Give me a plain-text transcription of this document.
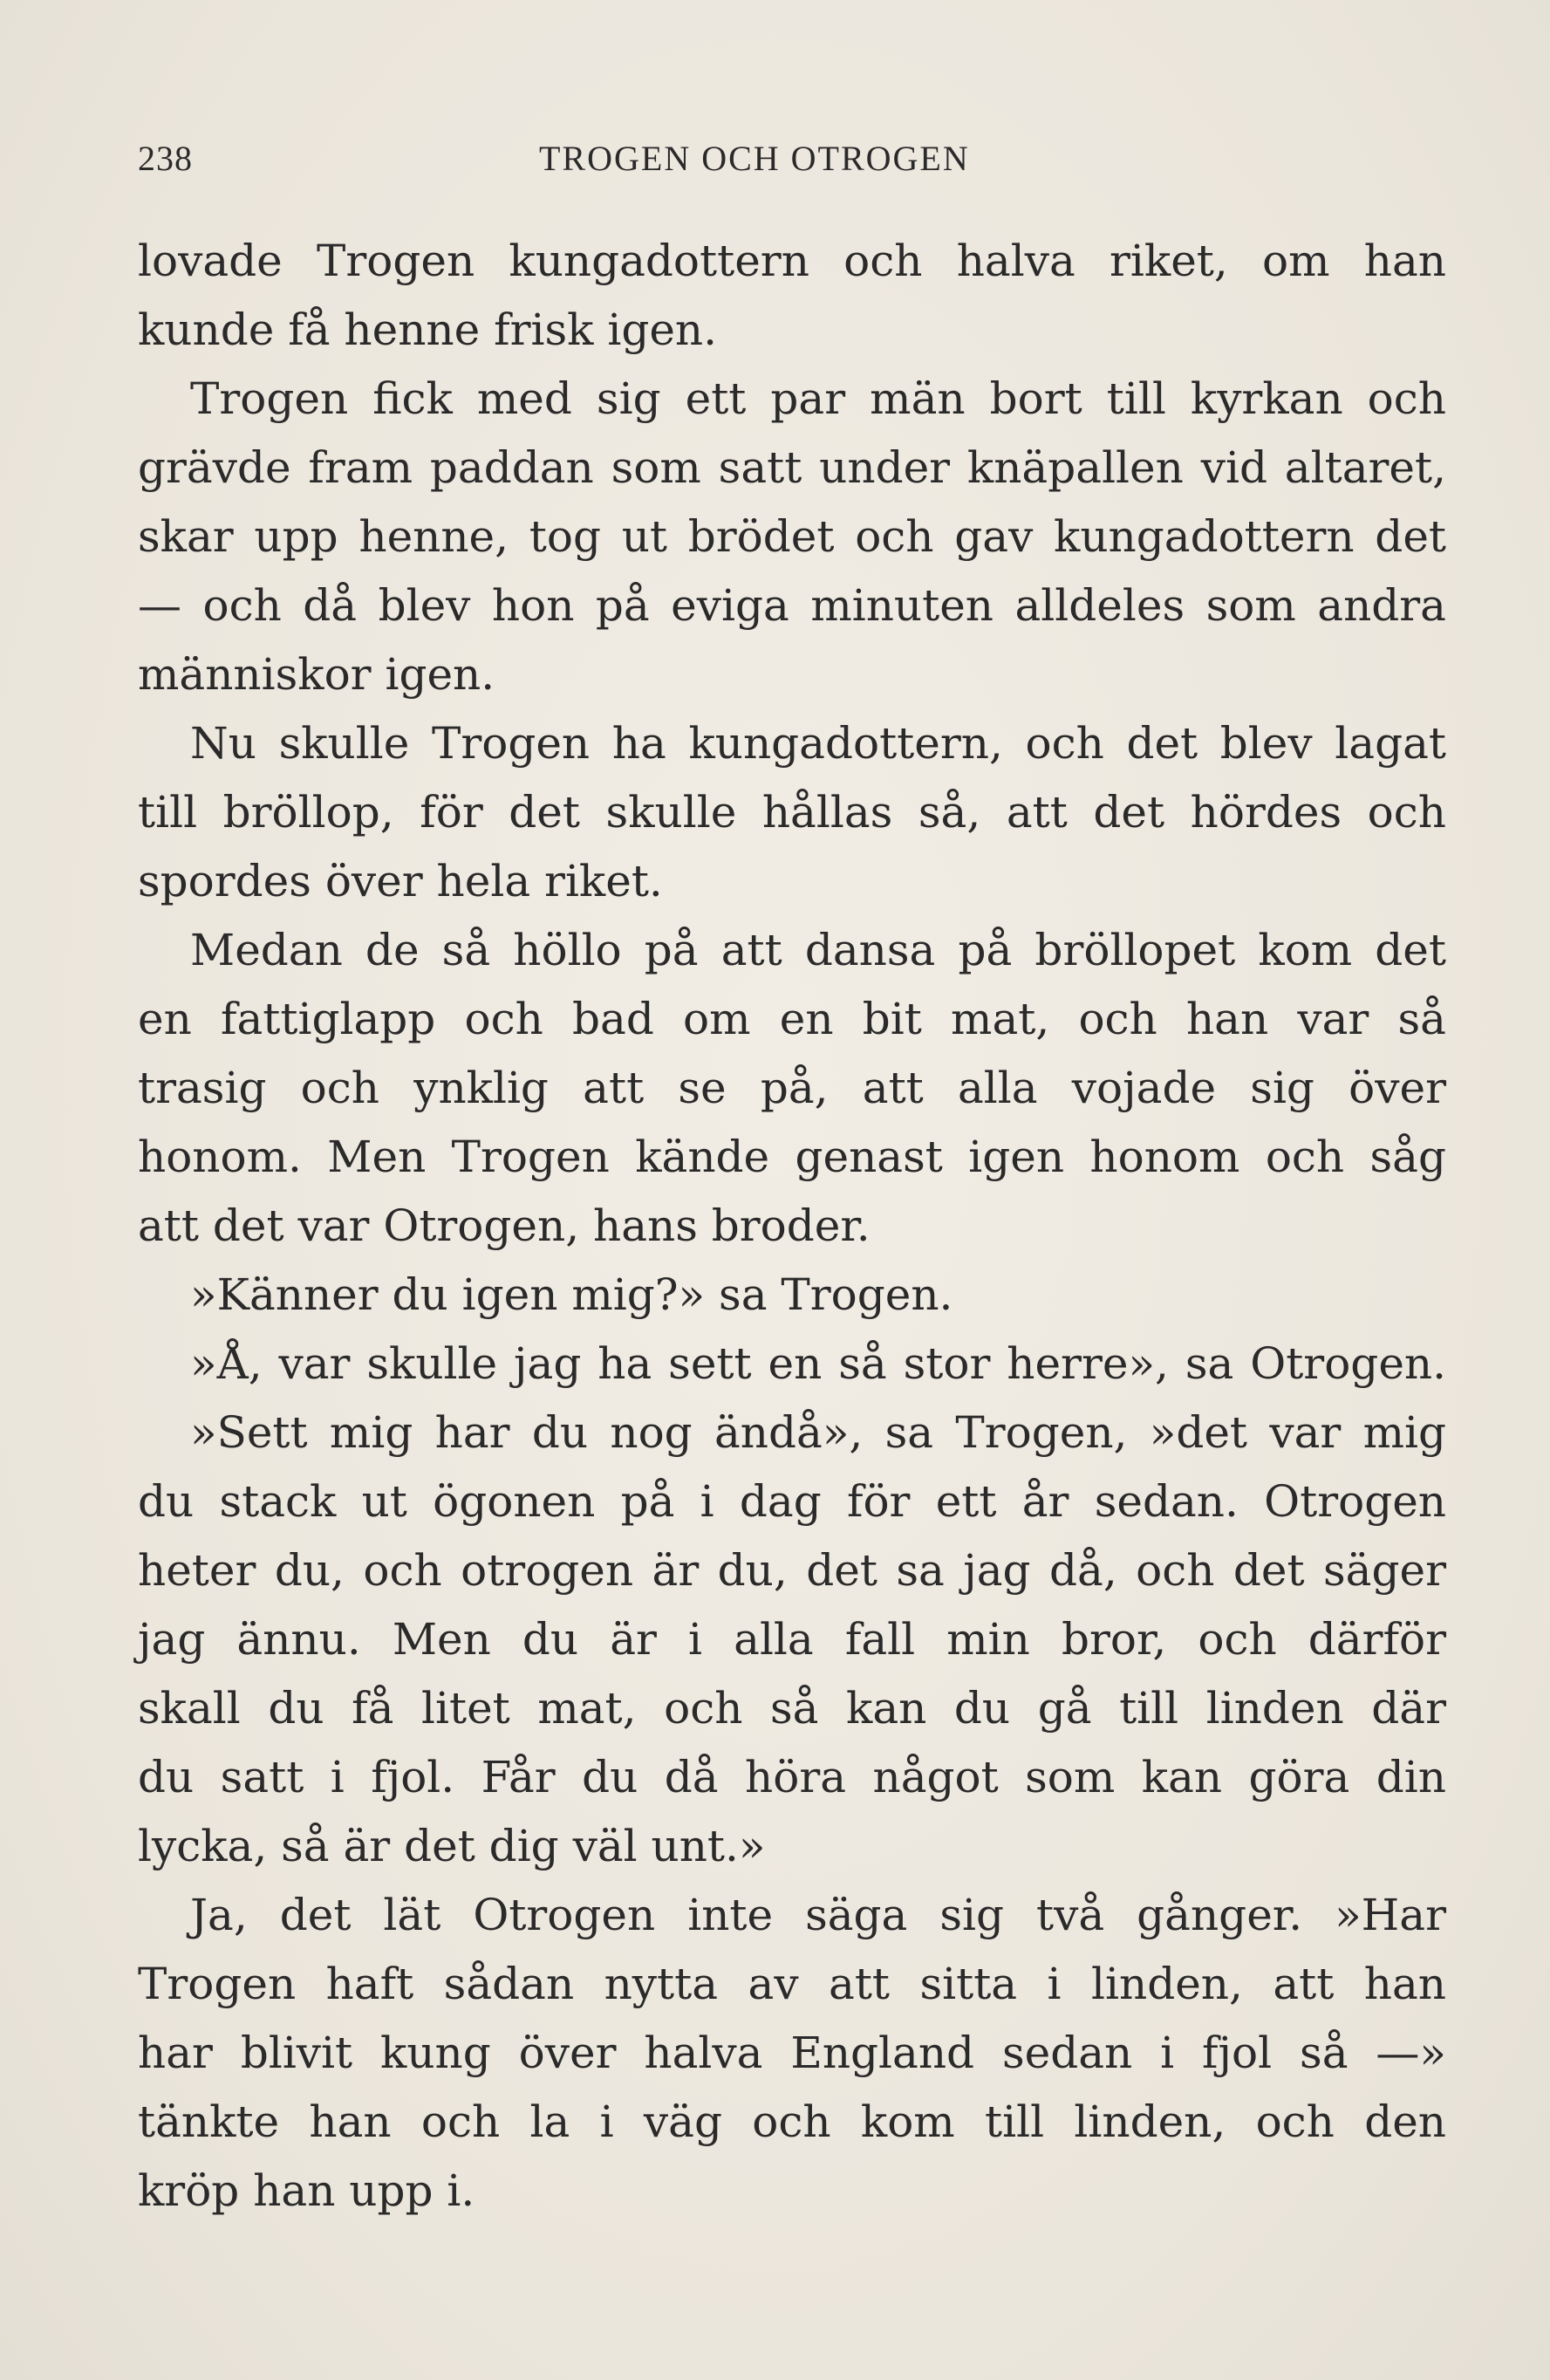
238	TROGEN OCH OTROGEN
lovade Trogen kungadottern och halva riket, om han
kunde få henne frisk igen.
Trogen fick med sig ett par män bort till kyrkan och
grävde fram paddan som satt under knäpallen vid altaret,
skar upp henne, tog ut brödet och gav kungadottern det
— och då blev hon på eviga minuten alldeles som andra
människor igen.
Nu skulle Trogen ha kungadottern, och det blev lagat
till bröllop, för det skulle hållas så, att det hördes och
spordes över hela riket.
Medan de så höllo på att dansa på bröllopet kom det
en fattiglapp och bad om en bit mat, och han var så
trasig och ynklig att se på, att alla vojade sig över
honom. Men Trogen kände genast igen honom och såg
att det var Otrogen, hans broder.
»Känner du igen mig?» sa Trogen.
»Å, var skulle jag ha sett en så stor herre», sa Otrogen.
»Sett mig har du nog ändå», sa Trogen, »det var mig
du stack ut ögonen på i dag för ett år sedan. Otrogen
heter du, och otrogen är du, det sa jag då, och det säger
jag ännu. Men du är i alla fall min bror, och därför
skall du få litet mat, och så kan du gå till linden där
du satt i fjol. Får du då höra något som kan göra din
lycka, så är det dig väl unt.»
Ja, det lät Otrogen inte säga sig två gånger. »Har
Trogen haft sådan nytta av att sitta i linden, att han
har blivit kung över halva England sedan i fjol så —»
tänkte han och la i väg och kom till linden, och den
kröp han upp i.
